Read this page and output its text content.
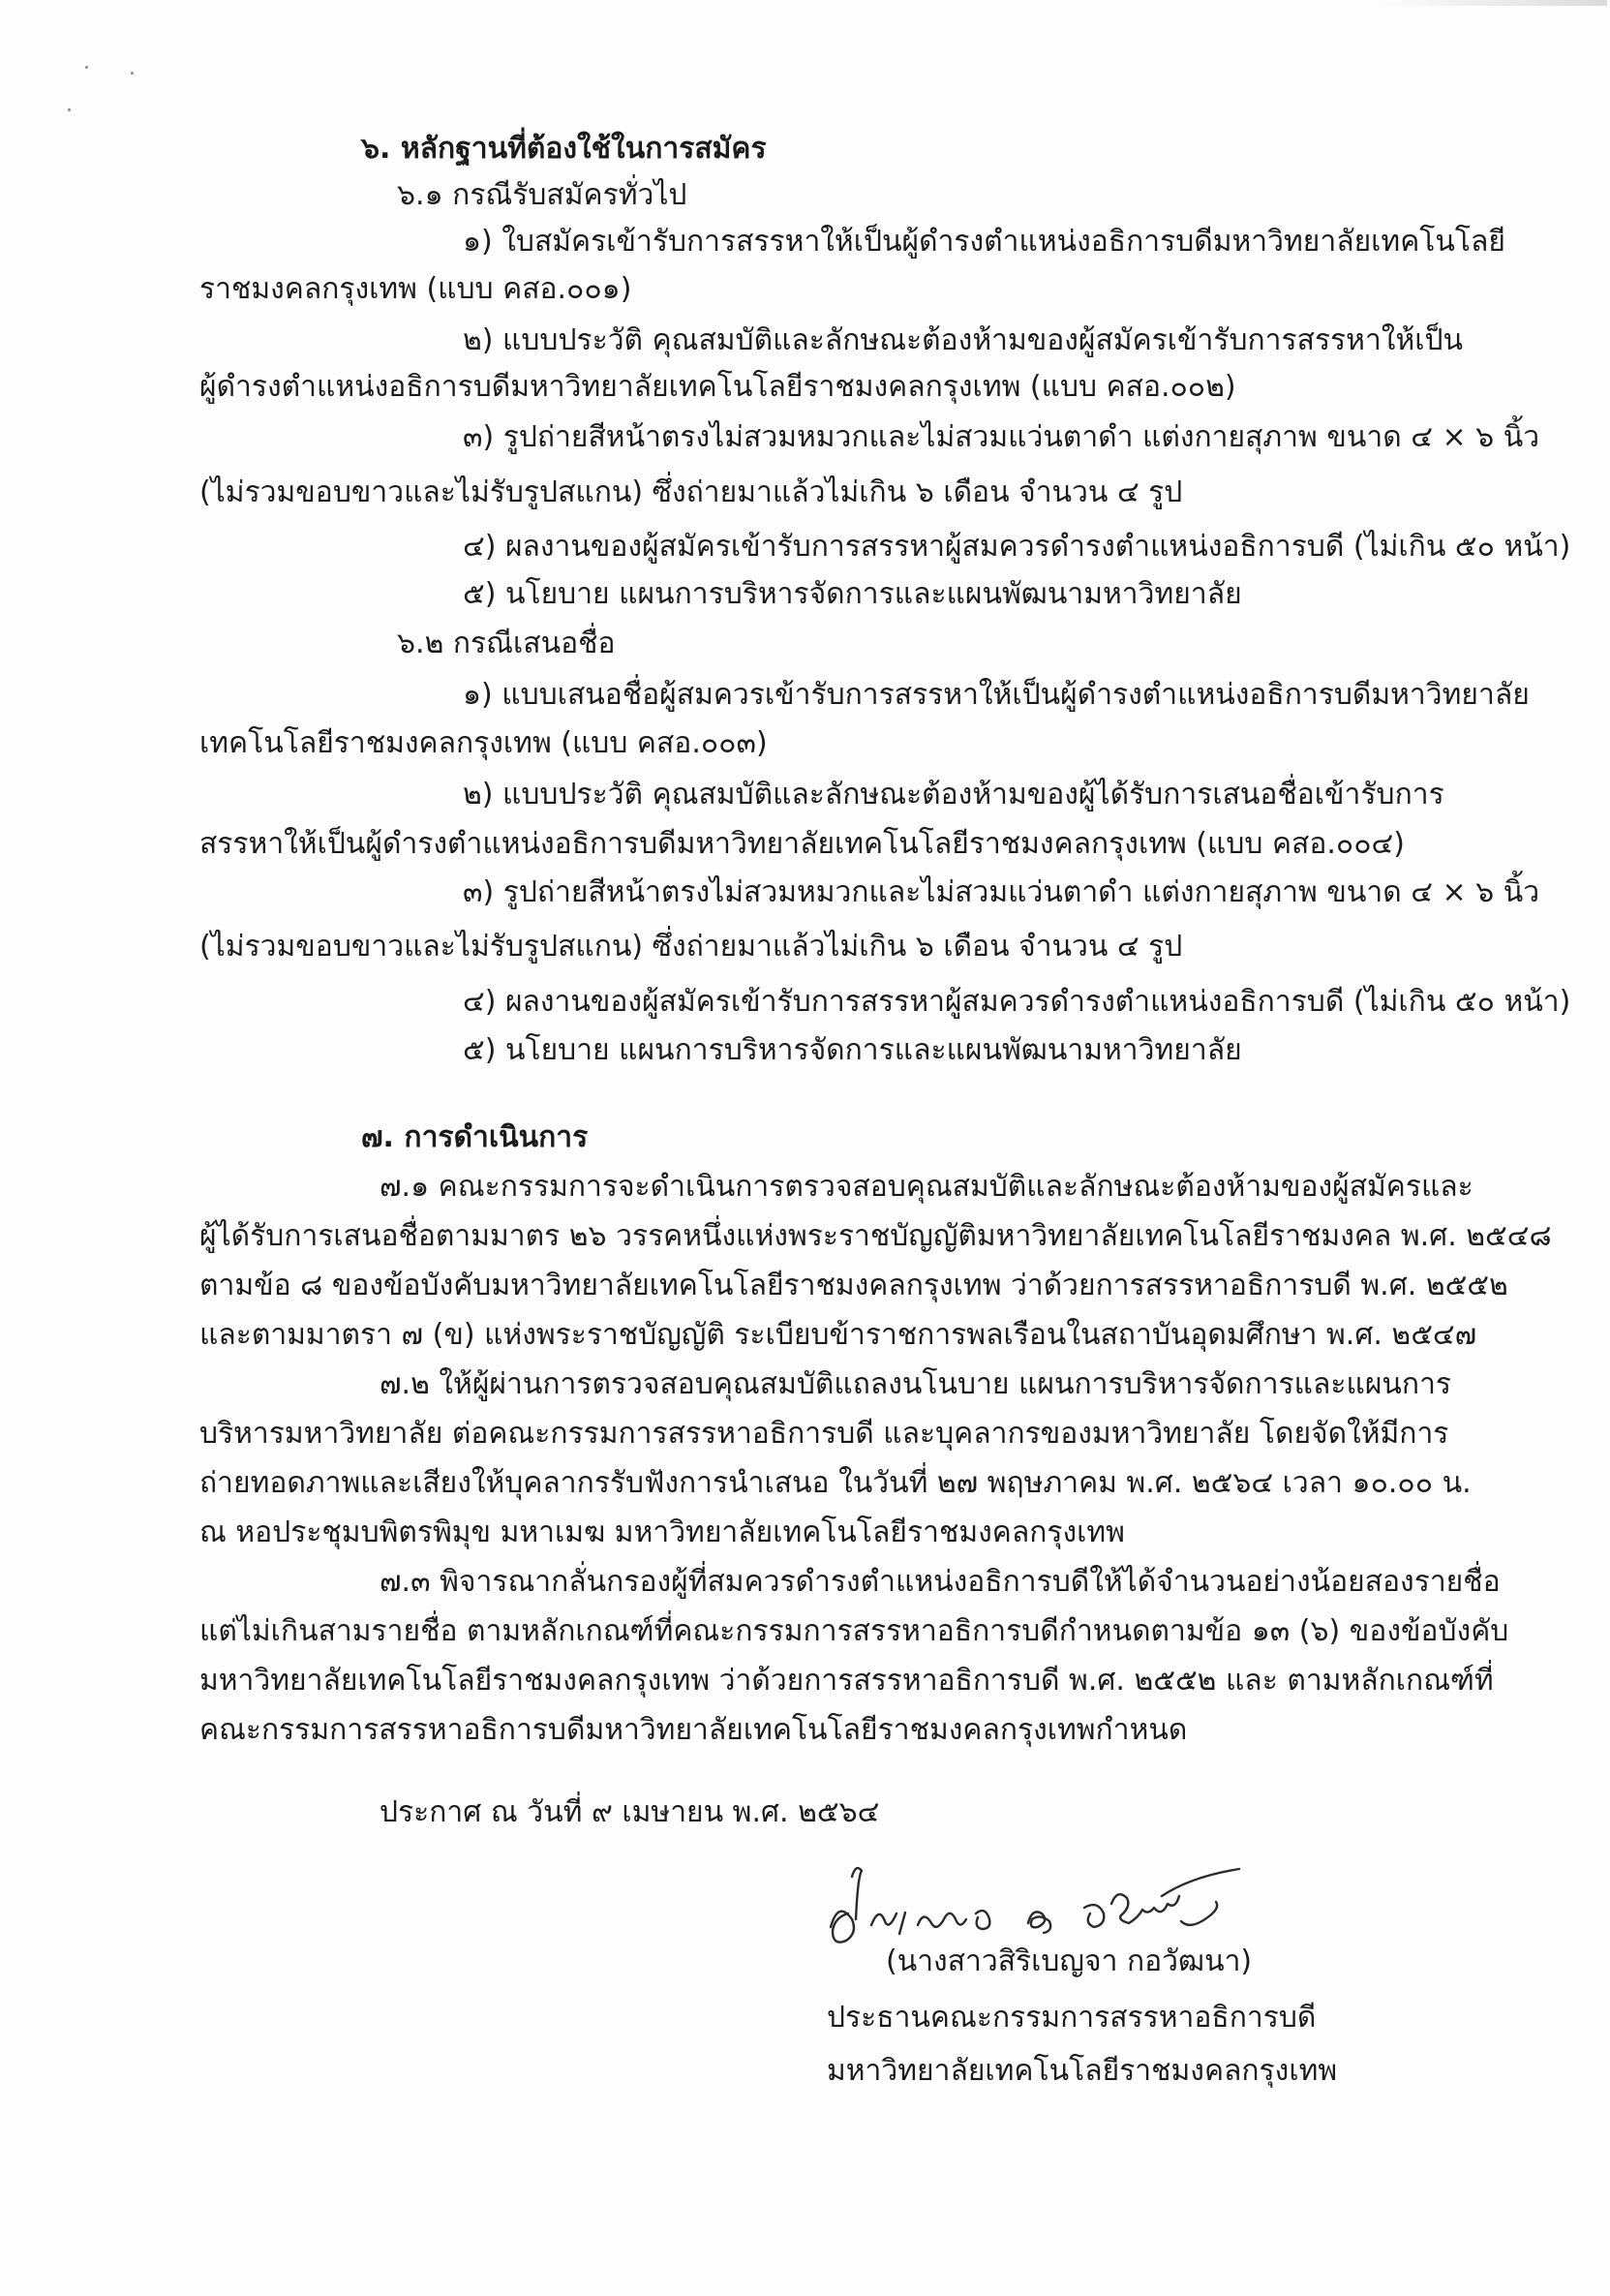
๖. หลักฐานที่ต้องใช้ในการสมัคร
๖.๑ กรณีรับสมัครทั่วไป
๑) ใบสมัครเข้ารับการสรรหาให้เป็นผู้ดำรงตำแหน่งอธิการบดีมหาวิทยาลัยเทคโนโลยี
ราชมงคลกรุงเทพ (แบบ คสอ.๐๐๑)
๒) แบบประวัติ คุณสมบัติและลักษณะต้องห้ามของผู้สมัครเข้ารับการสรรหาให้เป็น
ผู้ดำรงตำแหน่งอธิการบดีมหาวิทยาลัยเทคโนโลยีราชมงคลกรุงเทพ (แบบ คสอ.๐๐๒)
๓) รูปถ่ายสีหน้าตรงไม่สวมหมวกและไม่สวมแว่นตาดำ แต่งกายสุภาพ ขนาด ๔ × ๖ นิ้ว
(ไม่รวมขอบขาวและไม่รับรูปสแกน) ซึ่งถ่ายมาแล้วไม่เกิน ๖ เดือน จำนวน ๔ รูป
๔) ผลงานของผู้สมัครเข้ารับการสรรหาผู้สมควรดำรงตำแหน่งอธิการบดี (ไม่เกิน ๕๐ หน้า)
๕) นโยบาย แผนการบริหารจัดการและแผนพัฒนามหาวิทยาลัย
๖.๒ กรณีเสนอชื่อ
๑) แบบเสนอชื่อผู้สมควรเข้ารับการสรรหาให้เป็นผู้ดำรงตำแหน่งอธิการบดีมหาวิทยาลัย
เทคโนโลยีราชมงคลกรุงเทพ (แบบ คสอ.๐๐๓)
๒) แบบประวัติ คุณสมบัติและลักษณะต้องห้ามของผู้ได้รับการเสนอชื่อเข้ารับการ
สรรหาให้เป็นผู้ดำรงตำแหน่งอธิการบดีมหาวิทยาลัยเทคโนโลยีราชมงคลกรุงเทพ (แบบ คสอ.๐๐๔)
๓) รูปถ่ายสีหน้าตรงไม่สวมหมวกและไม่สวมแว่นตาดำ แต่งกายสุภาพ ขนาด ๔ × ๖ นิ้ว
(ไม่รวมขอบขาวและไม่รับรูปสแกน) ซึ่งถ่ายมาแล้วไม่เกิน ๖ เดือน จำนวน ๔ รูป
๔) ผลงานของผู้สมัครเข้ารับการสรรหาผู้สมควรดำรงตำแหน่งอธิการบดี (ไม่เกิน ๕๐ หน้า)
๕) นโยบาย แผนการบริหารจัดการและแผนพัฒนามหาวิทยาลัย
๗. การดำเนินการ
๗.๑ คณะกรรมการจะดำเนินการตรวจสอบคุณสมบัติและลักษณะต้องห้ามของผู้สมัครและ
ผู้ได้รับการเสนอชื่อตามมาตร ๒๖ วรรคหนึ่งแห่งพระราชบัญญัติมหาวิทยาลัยเทคโนโลยีราชมงคล พ.ศ. ๒๕๔๘
ตามข้อ ๘ ของข้อบังคับมหาวิทยาลัยเทคโนโลยีราชมงคลกรุงเทพ ว่าด้วยการสรรหาอธิการบดี พ.ศ. ๒๕๕๒
และตามมาตรา ๗ (ข) แห่งพระราชบัญญัติ ระเบียบข้าราชการพลเรือนในสถาบันอุดมศึกษา พ.ศ. ๒๕๔๗
๗.๒ ให้ผู้ผ่านการตรวจสอบคุณสมบัติแถลงนโนบาย แผนการบริหารจัดการและแผนการ
บริหารมหาวิทยาลัย ต่อคณะกรรมการสรรหาอธิการบดี และบุคลากรของมหาวิทยาลัย โดยจัดให้มีการ
ถ่ายทอดภาพและเสียงให้บุคลากรรับฟังการนำเสนอ ในวันที่ ๒๗ พฤษภาคม พ.ศ. ๒๕๖๔ เวลา ๑๐.๐๐ น.
ณ หอประชุมบพิตรพิมุข มหาเมฆ มหาวิทยาลัยเทคโนโลยีราชมงคลกรุงเทพ
๗.๓ พิจารณากลั่นกรองผู้ที่สมควรดำรงตำแหน่งอธิการบดีให้ได้จำนวนอย่างน้อยสองรายชื่อ
แต่ไม่เกินสามรายชื่อ ตามหลักเกณฑ์ที่คณะกรรมการสรรหาอธิการบดีกำหนดตามข้อ ๑๓ (๖) ของข้อบังคับ
มหาวิทยาลัยเทคโนโลยีราชมงคลกรุงเทพ ว่าด้วยการสรรหาอธิการบดี พ.ศ. ๒๕๕๒ และ ตามหลักเกณฑ์ที่
คณะกรรมการสรรหาอธิการบดีมหาวิทยาลัยเทคโนโลยีราชมงคลกรุงเทพกำหนด
ประกาศ ณ วันที่ ๙ เมษายน พ.ศ. ๒๕๖๔
(นางสาวสิริเบญจา กอวัฒนา)
ประธานคณะกรรมการสรรหาอธิการบดี
มหาวิทยาลัยเทคโนโลยีราชมงคลกรุงเทพ
